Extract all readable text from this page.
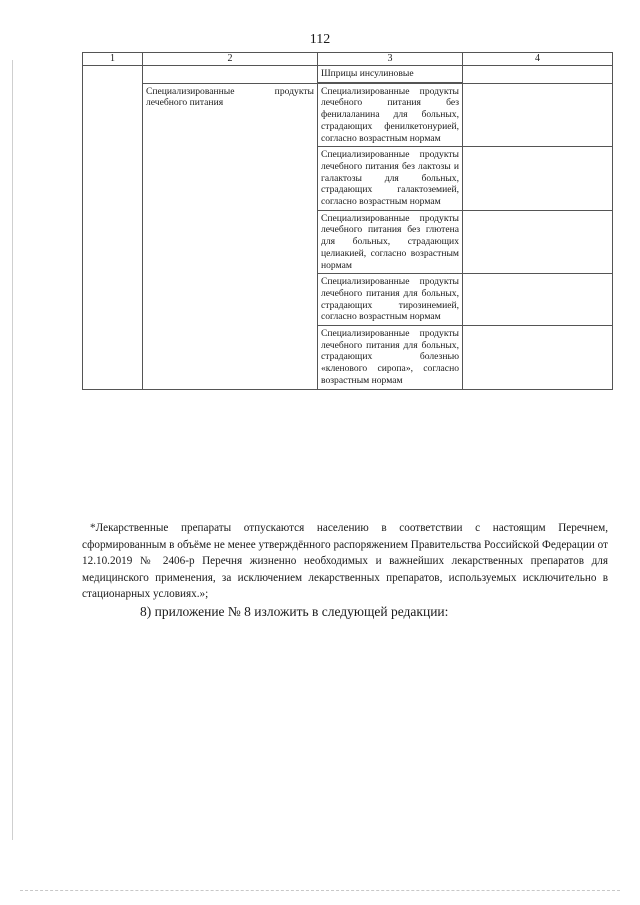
112
1	2	3	4
		Шприцы инсулиновые	

	Специализированные продукты лечебного питания	Специализированные продукты лечебного питания без фенилаланина для больных, страдающих фенилкетонурией, согласно возрастным нормам	
		Специализированные продукты лечебного питания без лактозы и галактозы для больных, страдающих галактоземией, согласно возрастным нормам	
		Специализированные продукты лечебного питания без глютена для больных, страдающих целиакией, согласно возрастным нормам	
		Специализированные продукты лечебного питания для больных, страдающих тирозинемией, согласно возрастным нормам	
		Специализированные продукты лечебного питания для больных, страдающих болезнью «кленового сиропа», согласно возрастным нормам	
*Лекарственные препараты отпускаются населению в соответствии с настоящим Перечнем, сформированным в объёме не менее утверждённого распоряжением Правительства Российской Федерации от 12.10.2019 № 2406-р Перечня жизненно необходимых и важнейших лекарственных препаратов для медицинского применения, за исключением лекарственных препаратов, используемых исключительно в стационарных условиях.»;
8) приложение № 8 изложить в следующей редакции:
